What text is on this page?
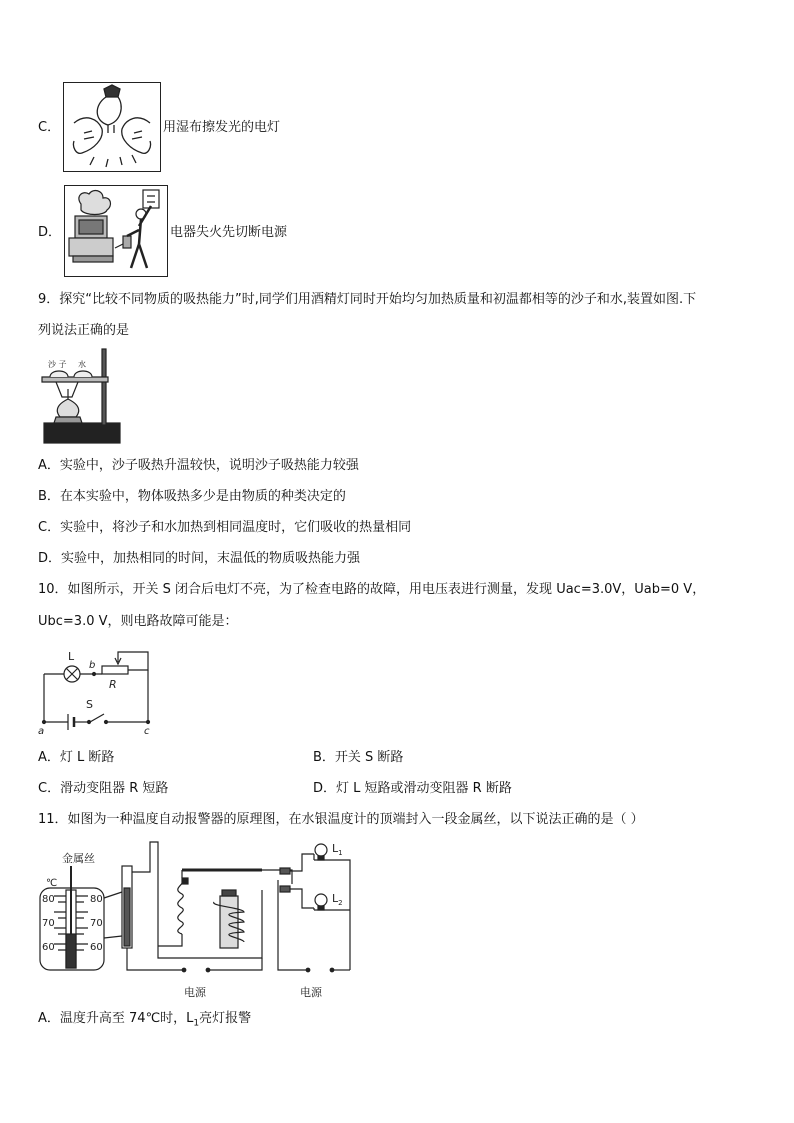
C．	用湿布擦发光的电灯
D．	电器失火先切断电源
9．探究“比较不同物质的吸热能力”时,同学们用酒精灯同时开始均匀加热质量和初温都相等的沙子和水,装置如图.下
列说法正确的是
沙 子 水
A．实验中，沙子吸热升温较快，说明沙子吸热能力较强
B．在本实验中，物体吸热多少是由物质的种类决定的
C．实验中，将沙子和水加热到相同温度时，它们吸收的热量相同
D．实验中，加热相同的时间，末温低的物质吸热能力强
10．如图所示，开关 S 闭合后电灯不亮，为了检查电路的故障，用电压表进行测量，发现 Uac=3.0V，Uab=0 V，
Ubc=3.0 V，则电路故障可能是：
L
b
R
S
a	c
A．灯 L 断路	B．开关 S 断路
C．滑动变阻器 R 短路	D．灯 L 短路或滑动变阻器 R 断路
11．如图为一种温度自动报警器的原理图，在水银温度计的顶端封入一段金属丝，以下说法正确的是（ ）
金属丝
℃
80
70
60
80
70
60
电源	电源
$L_1$
$L_2$
A．温度升高至 74℃时，$L_1$亮灯报警
